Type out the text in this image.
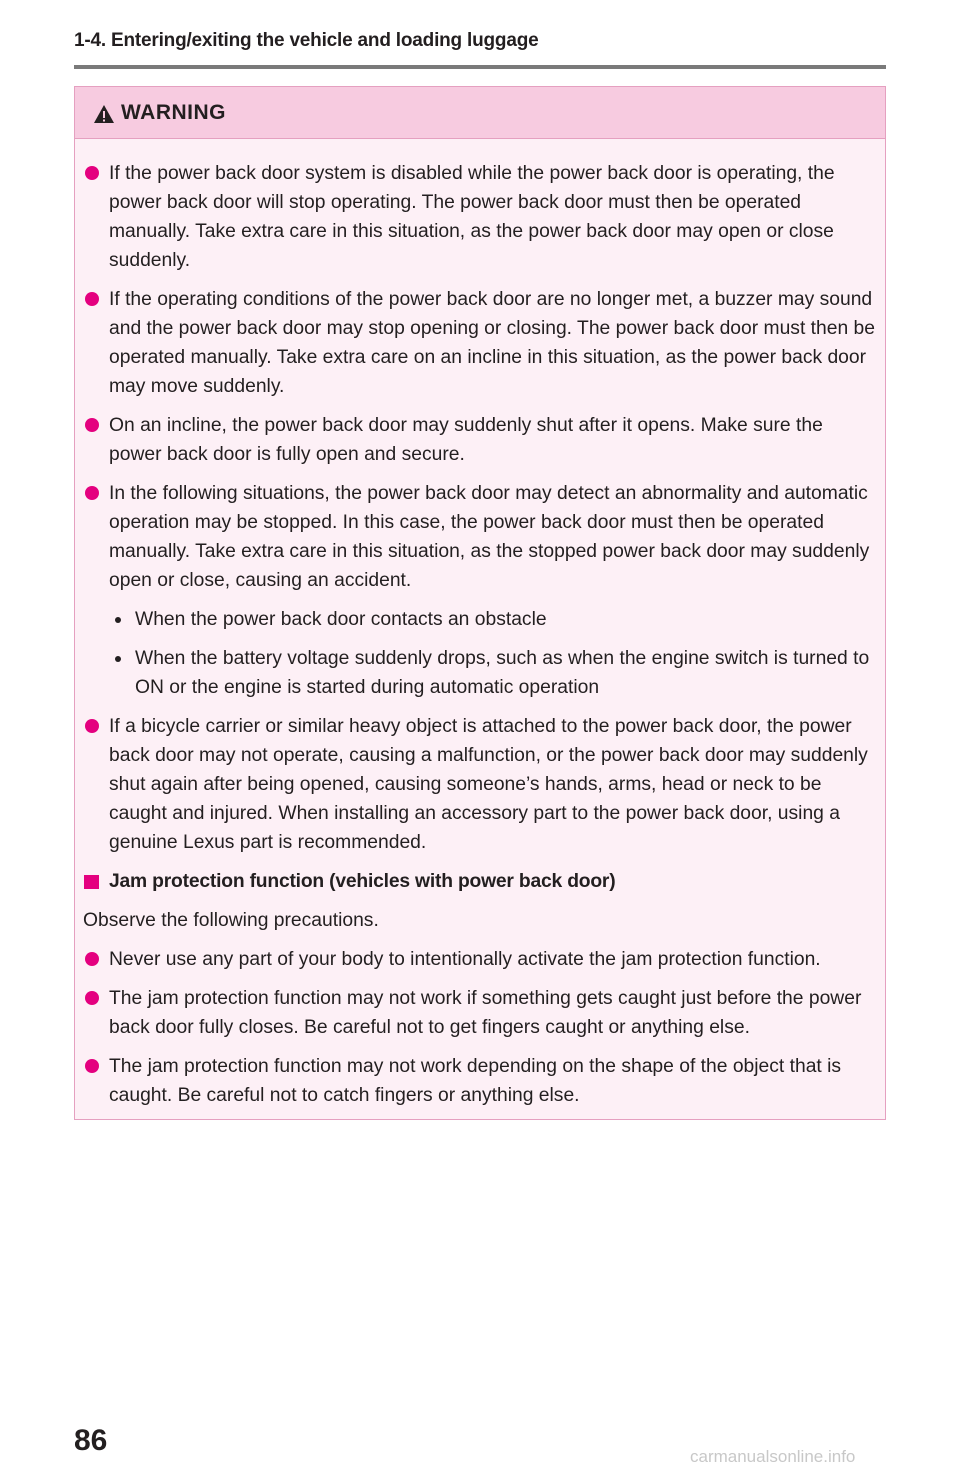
1-4. Entering/exiting the vehicle and loading luggage
WARNING
If the power back door system is disabled while the power back door is operating, the power back door will stop operating. The power back door must then be operated manually. Take extra care in this situation, as the power back door may open or close suddenly.
If the operating conditions of the power back door are no longer met, a buzzer may sound and the power back door may stop opening or closing. The power back door must then be operated manually. Take extra care on an incline in this situation, as the power back door may move suddenly.
On an incline, the power back door may suddenly shut after it opens. Make sure the power back door is fully open and secure.
In the following situations, the power back door may detect an abnormality and automatic operation may be stopped. In this case, the power back door must then be operated manually. Take extra care in this situation, as the stopped power back door may suddenly open or close, causing an accident.
When the power back door contacts an obstacle
When the battery voltage suddenly drops, such as when the engine switch is turned to ON or the engine is started during automatic operation
If a bicycle carrier or similar heavy object is attached to the power back door, the power back door may not operate, causing a malfunction, or the power back door may suddenly shut again after being opened, causing someone’s hands, arms, head or neck to be caught and injured. When installing an accessory part to the power back door, using a genuine Lexus part is recommended.
Jam protection function (vehicles with power back door)
Observe the following precautions.
Never use any part of your body to intentionally activate the jam protection function.
The jam protection function may not work if something gets caught just before the power back door fully closes. Be careful not to get fingers caught or anything else.
The jam protection function may not work depending on the shape of the object that is caught. Be careful not to catch fingers or anything else.
86	carmanualsonline.info
